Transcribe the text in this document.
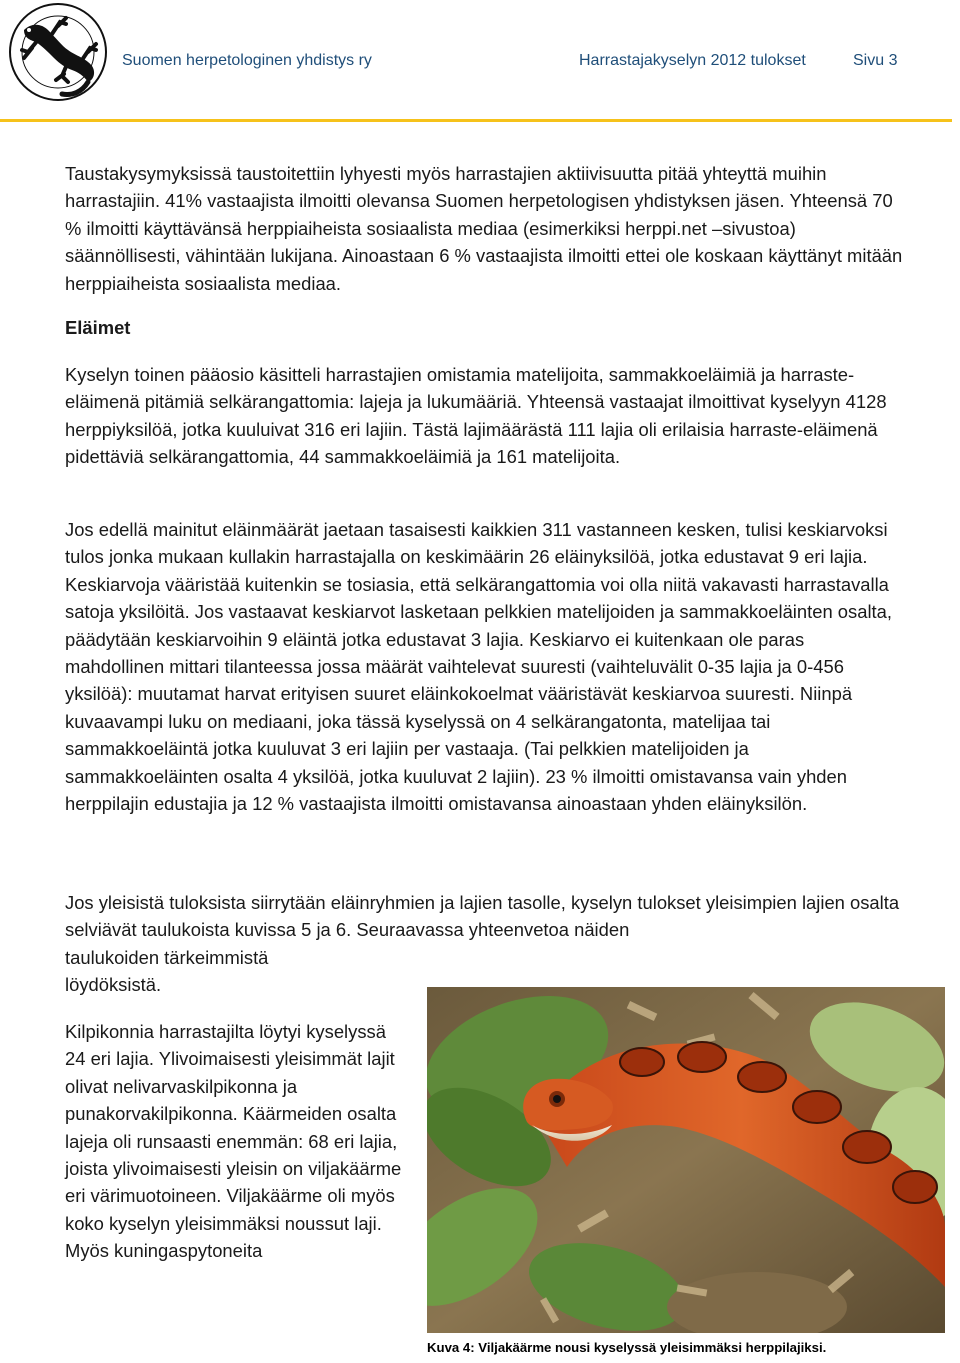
Suomen herpetologinen yhdistys ry	Harrastajakyselyn 2012 tulokset	Sivu 3

Taustakysymyksissä taustoitettiin lyhyesti myös harrastajien aktiivisuutta pitää yhteyttä muihin harrastajiin. 41% vastaajista ilmoitti olevansa Suomen herpetologisen yhdistyksen jäsen. Yhteensä 70 % ilmoitti käyttävänsä herppiaiheista sosiaalista mediaa (esimerkiksi herppi.net –sivustoa) säännöllisesti, vähintään lukijana. Ainoastaan 6 % vastaajista ilmoitti ettei ole koskaan käyttänyt mitään herppiaiheista sosiaalista mediaa.

Eläimet

Kyselyn toinen pääosio käsitteli harrastajien omistamia matelijoita, sammakkoeläimiä ja harraste-eläimenä pitämiä selkärangattomia: lajeja ja lukumääriä. Yhteensä vastaajat ilmoittivat kyselyyn 4128 herppiyksilöä, jotka kuuluivat 316 eri lajiin. Tästä lajimäärästä 111 lajia oli erilaisia harraste-eläimenä pidettäviä selkärangattomia, 44 sammakkoeläimiä ja 161 matelijoita.

Jos edellä mainitut eläinmäärät jaetaan tasaisesti kaikkien 311 vastanneen kesken, tulisi keskiarvoksi tulos jonka mukaan kullakin harrastajalla on keskimäärin 26 eläinyksilöä, jotka edustavat 9 eri lajia. Keskiarvoja vääristää kuitenkin se tosiasia, että selkärangattomia voi olla niitä vakavasti harrastavalla satoja yksilöitä. Jos vastaavat keskiarvot lasketaan pelkkien matelijoiden ja sammakkoeläinten osalta, päädytään keskiarvoihin 9 eläintä jotka edustavat 3 lajia. Keskiarvo ei kuitenkaan ole paras mahdollinen mittari tilanteessa jossa määrät vaihtelevat suuresti (vaihteluvälit 0-35 lajia ja 0-456 yksilöä): muutamat harvat erityisen suuret eläinkokoelmat vääristävät keskiarvoa suuresti. Niinpä kuvaavampi luku on mediaani, joka tässä kyselyssä on 4 selkärangatonta, matelijaa tai sammakkoeläintä jotka kuuluvat 3 eri lajiin per vastaaja. (Tai pelkkien matelijoiden ja sammakkoeläinten osalta 4 yksilöä, jotka kuuluvat 2 lajiin). 23 % ilmoitti omistavansa vain yhden herppilajin edustajia ja 12 % vastaajista ilmoitti omistavansa ainoastaan yhden eläinyksilön.

taulukoiden tärkeimmistä löydöksistä.

Jos yleisistä tuloksista siirrytään eläinryhmien ja lajien tasolle, kyselyn tulokset yleisimpien lajien osalta selviävät taulukoista kuvissa 5 ja 6. Seuraavassa yhteenvetoa näiden

Kilpikonnia harrastajilta löytyi kyselyssä 24 eri lajia. Ylivoimaisesti yleisimmät lajit olivat nelivarvaskilpikonna ja punakorvakilpikonna. Käärmeiden osalta lajeja oli runsaasti enemmän: 68 eri lajia, joista ylivoimaisesti yleisin on viljakäärme eri värimuotoineen. Viljakäärme oli myös koko kyselyn yleisimmäksi noussut laji. Myös kuningaspytoneita

Kuva 4: Viljakäärme nousi kyselyssä yleisimmäksi herppilajiksi.
